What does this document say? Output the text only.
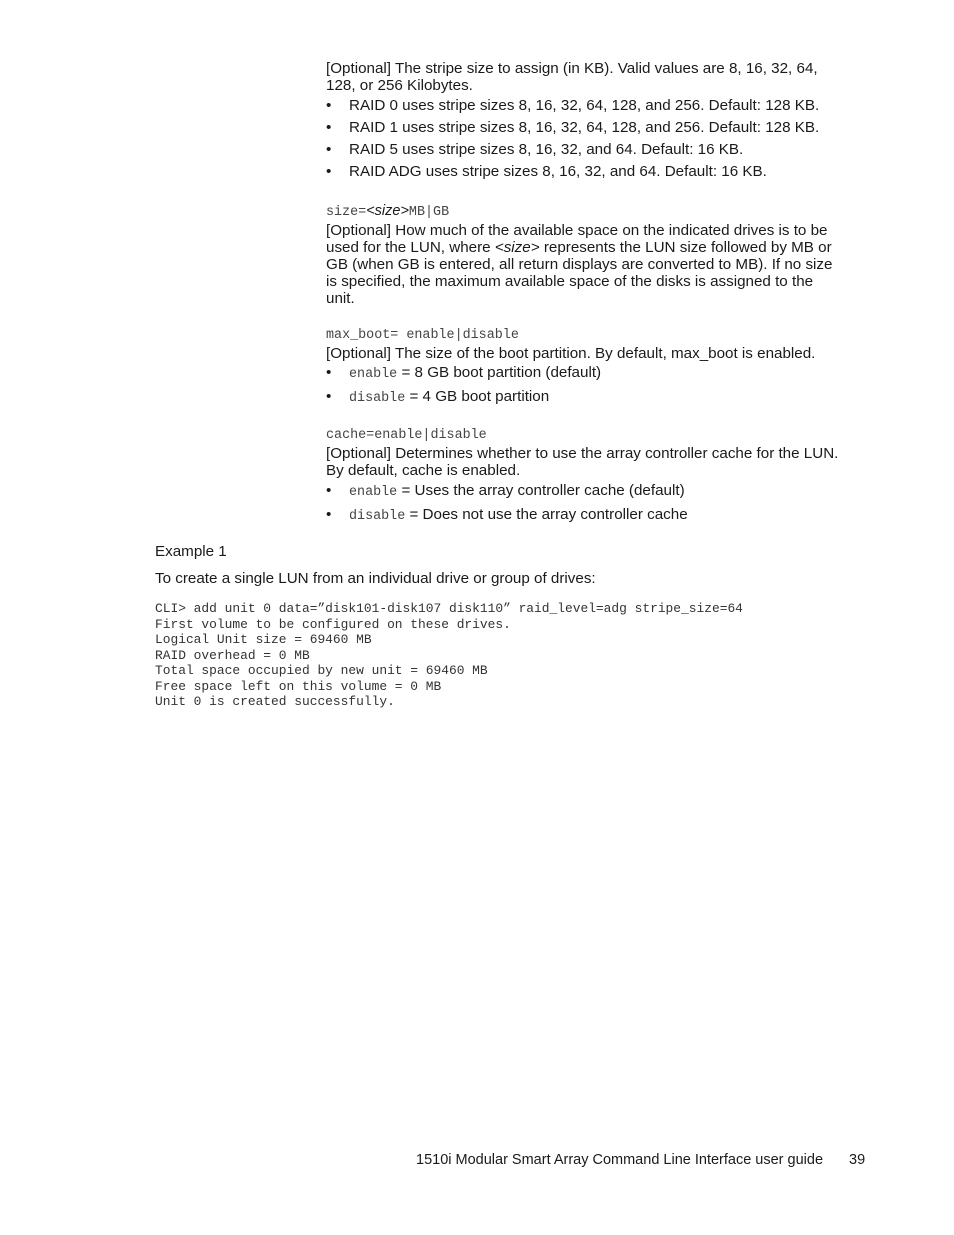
[Optional] The stripe size to assign (in KB). Valid values are 8, 16, 32, 64, 128, or 256 Kilobytes.

• RAID 0 uses stripe sizes 8, 16, 32, 64, 128, and 256. Default: 128 KB.
• RAID 1 uses stripe sizes 8, 16, 32, 64, 128, and 256. Default: 128 KB.
• RAID 5 uses stripe sizes 8, 16, 32, and 64. Default: 16 KB.
• RAID ADG uses stripe sizes 8, 16, 32, and 64. Default: 16 KB.
size=<size>MB|GB

[Optional] How much of the available space on the indicated drives is to be used for the LUN, where <size> represents the LUN size followed by MB or GB (when GB is entered, all return displays are converted to MB). If no size is specified, the maximum available space of the disks is assigned to the unit.

max_boot= enable|disable

[Optional] The size of the boot partition. By default, max_boot is enabled.

• enable = 8 GB boot partition (default)
• disable = 4 GB boot partition
cache=enable|disable

[Optional] Determines whether to use the array controller cache for the LUN. By default, cache is enabled.

• enable = Uses the array controller cache (default)
• disable = Does not use the array controller cache
Example 1
To create a single LUN from an individual drive or group of drives:
CLI> add unit 0 data=”disk101-disk107 disk110” raid_level=adg stripe_size=64
First volume to be configured on these drives.
Logical Unit size = 69460 MB
RAID overhead = 0 MB
Total space occupied by new unit = 69460 MB
Free space left on this volume = 0 MB
Unit 0 is created successfully.
1510i Modular Smart Array Command Line Interface user guide 39
